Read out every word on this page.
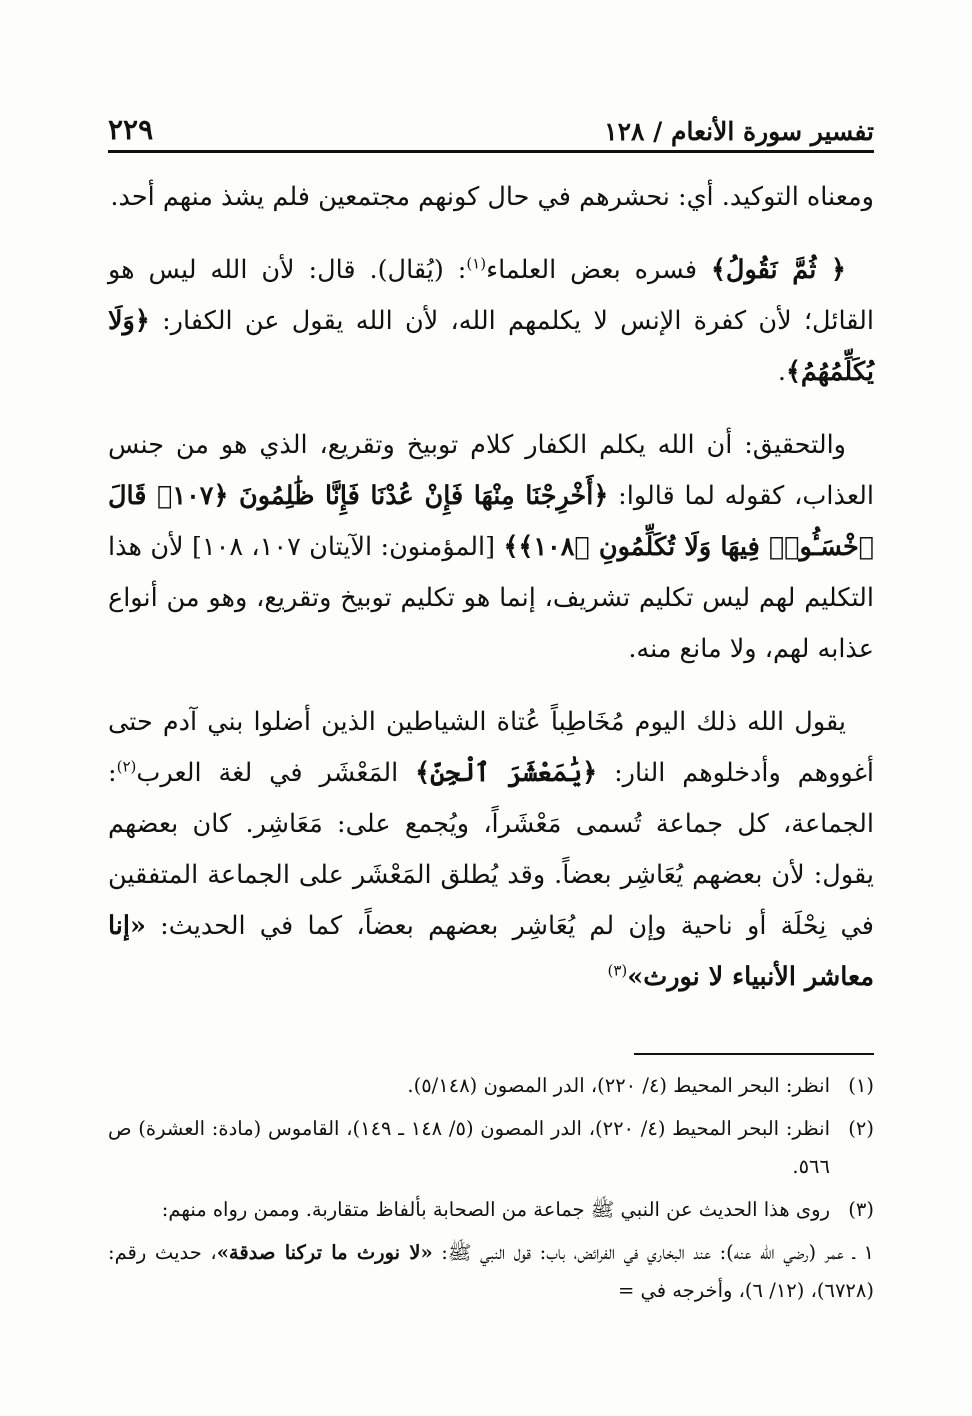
تفسير سورة الأنعام / ١٢٨
٢٢٩

ومعناه التوكيد. أي: نحشرهم في حال كونهم مجتمعين فلم يشذ منهم أحد.

﴿ ثُمَّ نَقُولُ﴾ فسره بعض العلماء$^{(١)}$: (يُقال). قال: لأن الله ليس هو القائل؛ لأن كفرة الإنس لا يكلمهم الله، لأن الله يقول عن الكفار: ﴿وَلَا يُكَلِّمُهُمُ﴾.

والتحقيق: أن الله يكلم الكفار كلام توبيخ وتقريع، الذي هو من جنس العذاب، كقوله لما قالوا: ﴿أَخْرِجْنَا مِنْهَا فَإِنْ عُدْنَا فَإِنَّا ظَٰلِمُونَ ﴿١٠٧﴾ قَالَ ٱخْسَـُٔوا۟ فِيهَا وَلَا تُكَلِّمُونِ ﴿١٠٨﴾﴾ [المؤمنون: الآيتان ١٠٧، ١٠٨] لأن هذا التكليم لهم ليس تكليم تشريف، إنما هو تكليم توبيخ وتقريع، وهو من أنواع عذابه لهم، ولا مانع منه.

يقول الله ذلك اليوم مُخَاطِباً عُتاة الشياطين الذين أضلوا بني آدم حتى أغووهم وأدخلوهم النار: ﴿يَٰمَعْشَرَ ٱلْجِنِّ﴾ المَعْشَر في لغة العرب$^{(٢)}$: الجماعة، كل جماعة تُسمى مَعْشَراً، ويُجمع على: مَعَاشِر. كان بعضهم يقول: لأن بعضهم يُعَاشِر بعضاً. وقد يُطلق المَعْشَر على الجماعة المتفقين في نِحْلَة أو ناحية وإن لم يُعَاشِر بعضهم بعضاً، كما في الحديث: «إنا معاشر الأنبياء لا نورث»$^{(٣)}$

(١)
انظر: البحر المحيط (٤/ ٢٢٠)، الدر المصون (٥/١٤٨).
(٢)
انظر: البحر المحيط (٤/ ٢٢٠)، الدر المصون (٥/ ١٤٨ ـ ١٤٩)، القاموس (مادة: العشرة) ص ٥٦٦.
(٣)
روى هذا الحديث عن النبي ﷺ جماعة من الصحابة بألفاظ متقاربة. وممن رواه منهم:

١ ـ عمر (رضي الله عنه): عند البخاري في الفرائض، باب: قول النبي ﷺ: «لا نورث ما تركنا صدقة»، حديث رقم: (٦٧٢٨)، (١٢/ ٦)، وأخرجه في =
